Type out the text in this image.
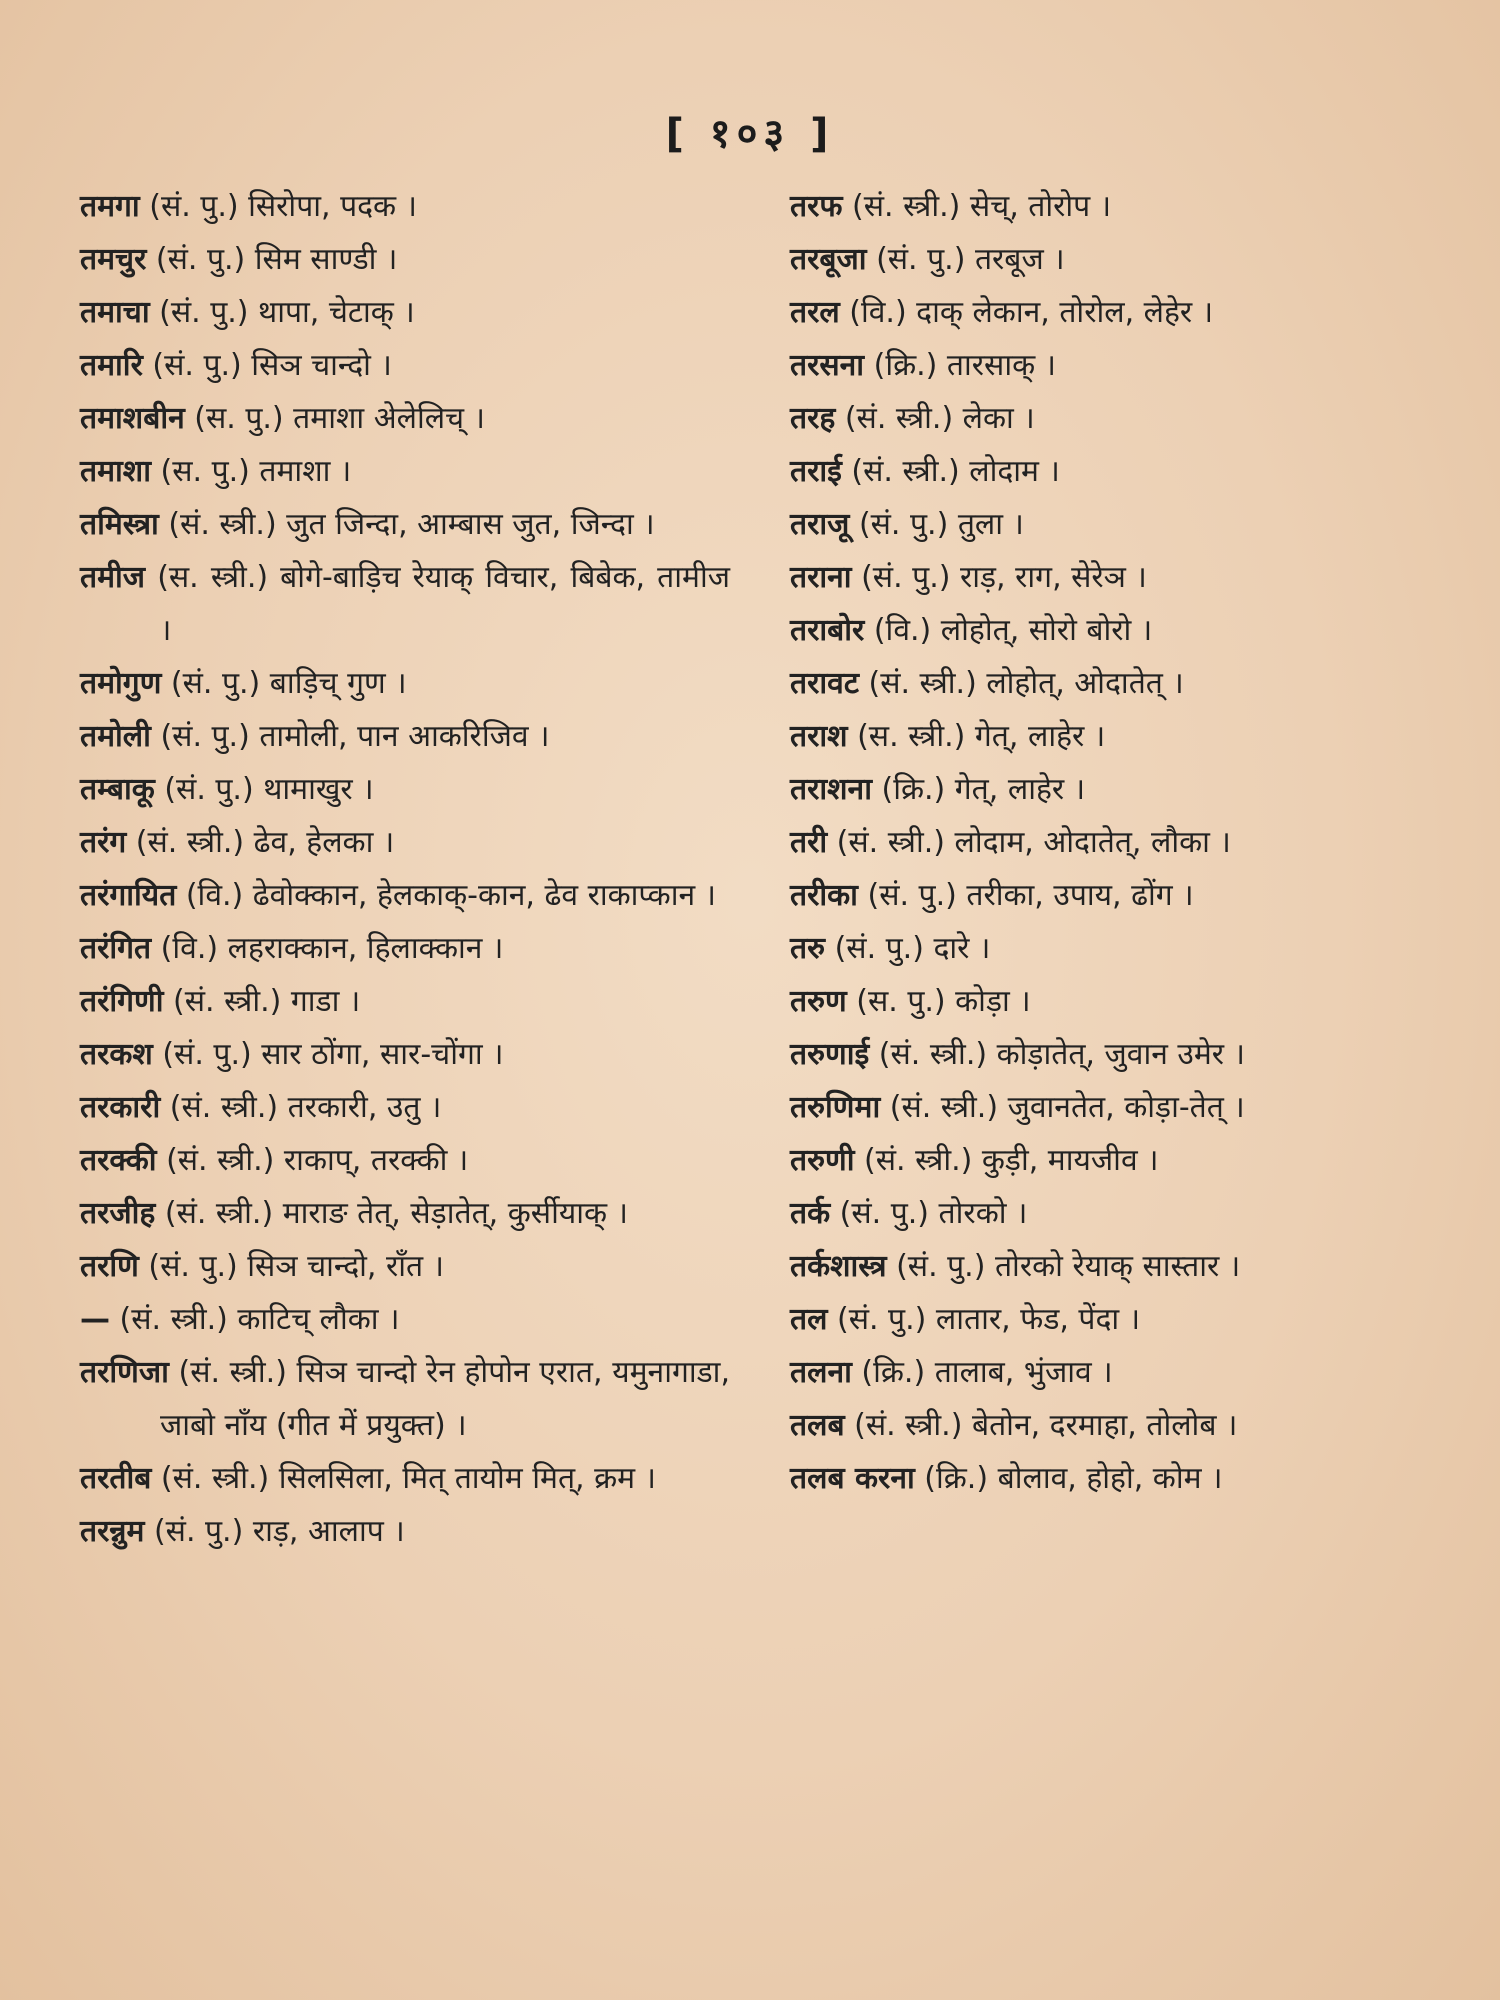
[ १०३ ]
तमगा (सं. पु.) सिरोपा, पदक ।
तमचुर (सं. पु.) सिम साण्डी ।
तमाचा (सं. पु.) थापा, चेटाक् ।
तमारि (सं. पु.) सिञ चान्दो ।
तमाशबीन (स. पु.) तमाशा अेलेलिच् ।
तमाशा (स. पु.) तमाशा ।
तमिस्त्रा (सं. स्त्री.) जुत जिन्दा, आम्बास जुत, जिन्दा ।
तमीज (स. स्त्री.) बोगे-बाड़िच रेयाक् विचार, बिबेक, तामीज ।
तमोगुण (सं. पु.) बाड़िच् गुण ।
तमोली (सं. पु.) तामोली, पान आकरिजिव ।
तम्बाकू (सं. पु.) थामाखुर ।
तरंग (सं. स्त्री.) ढेव, हेलका ।
तरंगायित (वि.) ढेवोक्कान, हेलकाक्-कान, ढेव राकाप्कान ।
तरंगित (वि.) लहराक्कान, हिलाक्कान ।
तरंगिणी (सं. स्त्री.) गाडा ।
तरकश (सं. पु.) सार ठोंगा, सार-चोंगा ।
तरकारी (सं. स्त्री.) तरकारी, उतु ।
तरक्की (सं. स्त्री.) राकाप्, तरक्की ।
तरजीह (सं. स्त्री.) माराङ तेत्, सेड़ातेत्, कुर्सीयाक् ।
तरणि (सं. पु.) सिञ चान्दो, राँत ।
— (सं. स्त्री.) काटिच् लौका ।
तरणिजा (सं. स्त्री.) सिञ चान्दो रेन होपोन एरात, यमुनागाडा, जाबो नाँय (गीत में प्रयुक्त) ।
तरतीब (सं. स्त्री.) सिलसिला, मित् तायोम मित्, क्रम ।
तरन्नुम (सं. पु.) राड़, आलाप ।
तरफ (सं. स्त्री.) सेच्, तोरोप ।
तरबूजा (सं. पु.) तरबूज ।
तरल (वि.) दाक् लेकान, तोरोल, लेहेर ।
तरसना (क्रि.) तारसाक् ।
तरह (सं. स्त्री.) लेका ।
तराई (सं. स्त्री.) लोदाम ।
तराजू (सं. पु.) तुला ।
तराना (सं. पु.) राड़, राग, सेरेञ ।
तराबोर (वि.) लोहोत्, सोरो बोरो ।
तरावट (सं. स्त्री.) लोहोत्, ओदातेत् ।
तराश (स. स्त्री.) गेत्, लाहेर ।
तराशना (क्रि.) गेत्, लाहेर ।
तरी (सं. स्त्री.) लोदाम, ओदातेत्, लौका ।
तरीका (सं. पु.) तरीका, उपाय, ढोंग ।
तरु (सं. पु.) दारे ।
तरुण (स. पु.) कोड़ा ।
तरुणाई (सं. स्त्री.) कोड़ातेत्, जुवान उमेर ।
तरुणिमा (सं. स्त्री.) जुवानतेत, कोड़ा-तेत् ।
तरुणी (सं. स्त्री.) कुड़ी, मायजीव ।
तर्क (सं. पु.) तोरको ।
तर्कशास्त्र (सं. पु.) तोरको रेयाक् सास्तार ।
तल (सं. पु.) लातार, फेड, पेंदा ।
तलना (क्रि.) तालाब, भुंजाव ।
तलब (सं. स्त्री.) बेतोन, दरमाहा, तोलोब ।
तलब करना (क्रि.) बोलाव, होहो, कोम ।
